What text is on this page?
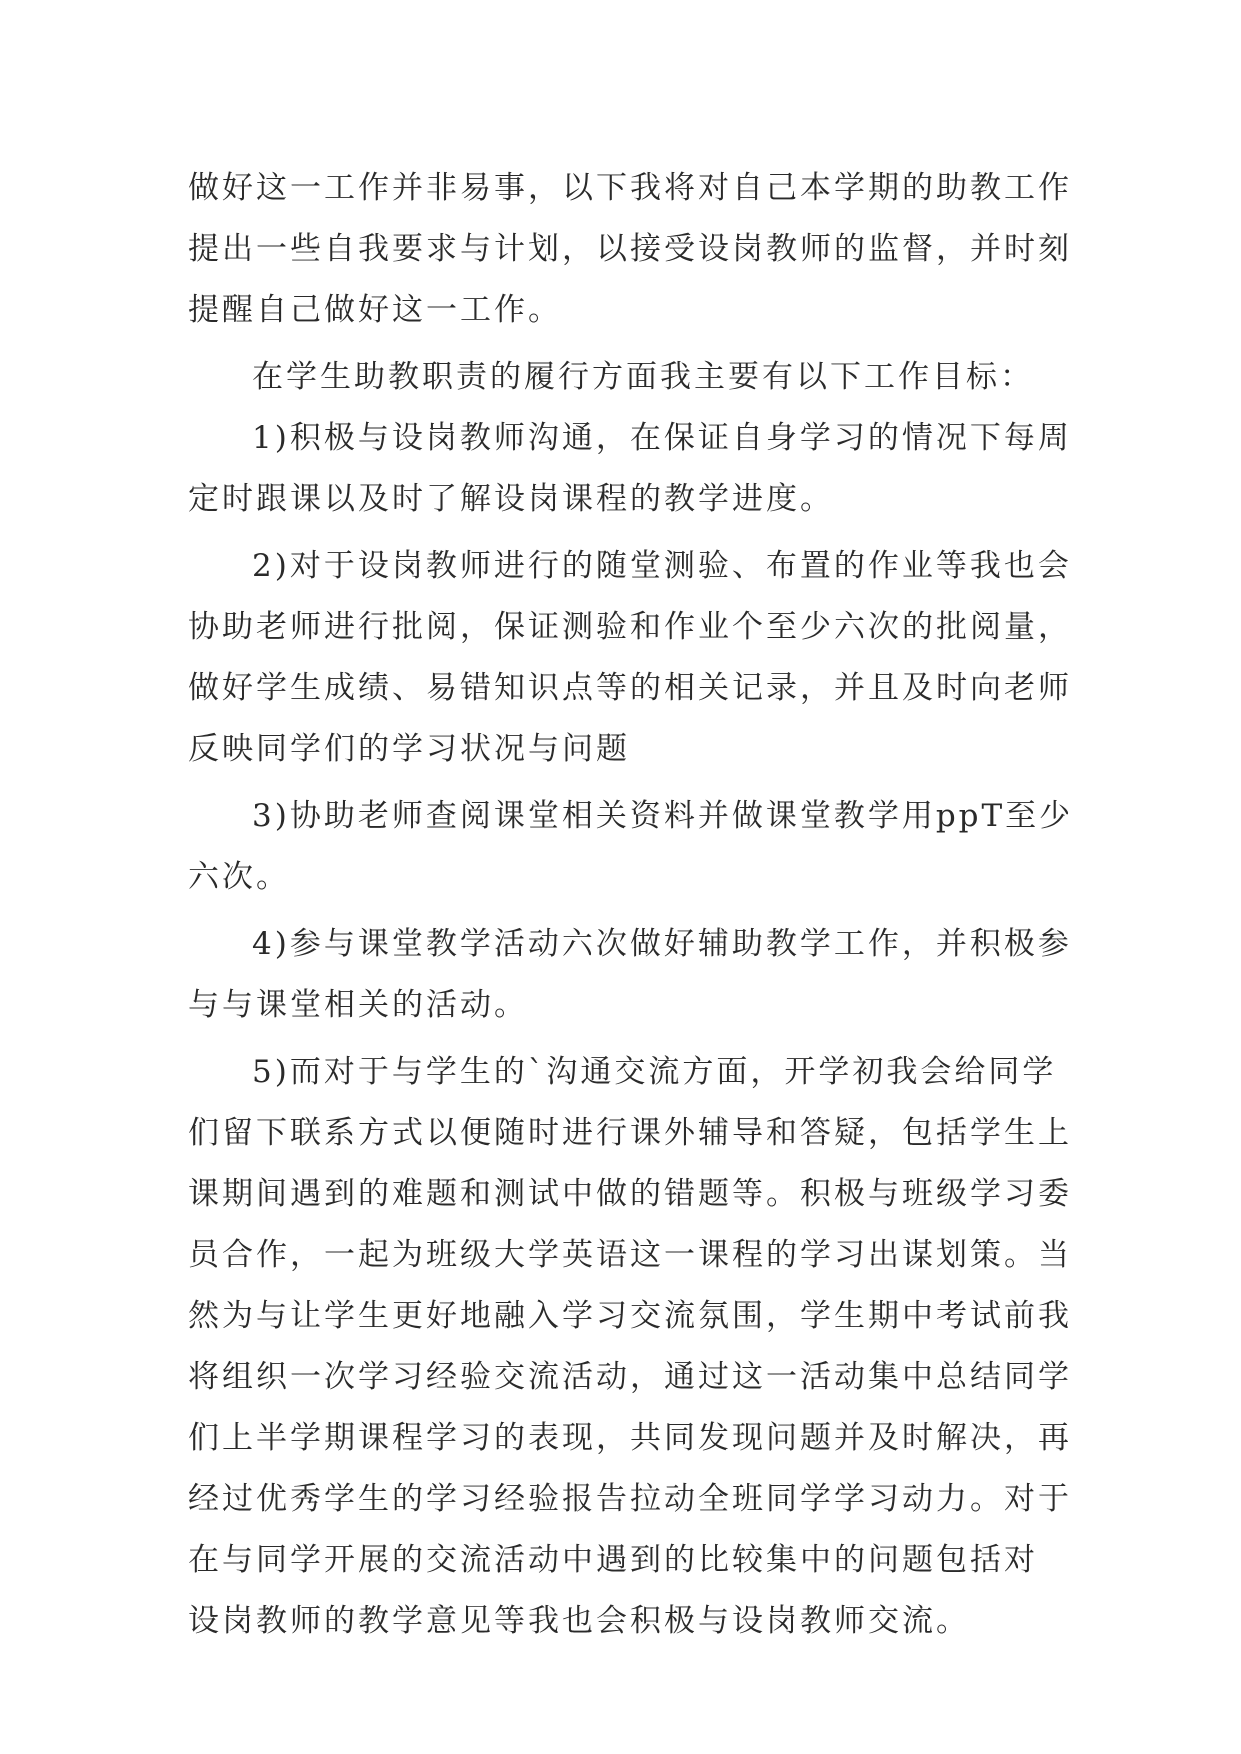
做好这一工作并非易事，以下我将对自己本学期的助教工作
提出一些自我要求与计划，以接受设岗教师的监督，并时刻
提醒自己做好这一工作。
在学生助教职责的履行方面我主要有以下工作目标：
1)积极与设岗教师沟通，在保证自身学习的情况下每周
定时跟课以及时了解设岗课程的教学进度。
2)对于设岗教师进行的随堂测验、布置的作业等我也会
协助老师进行批阅，保证测验和作业个至少六次的批阅量，
做好学生成绩、易错知识点等的相关记录，并且及时向老师
反映同学们的学习状况与问题
3)协助老师查阅课堂相关资料并做课堂教学用ppT至少
六次。
4)参与课堂教学活动六次做好辅助教学工作，并积极参
与与课堂相关的活动。
5)而对于与学生的`沟通交流方面，开学初我会给同学
们留下联系方式以便随时进行课外辅导和答疑，包括学生上
课期间遇到的难题和测试中做的错题等。积极与班级学习委
员合作，一起为班级大学英语这一课程的学习出谋划策。当
然为与让学生更好地融入学习交流氛围，学生期中考试前我
将组织一次学习经验交流活动，通过这一活动集中总结同学
们上半学期课程学习的表现，共同发现问题并及时解决，再
经过优秀学生的学习经验报告拉动全班同学学习动力。对于
在与同学开展的交流活动中遇到的比较集中的问题包括对
设岗教师的教学意见等我也会积极与设岗教师交流。
